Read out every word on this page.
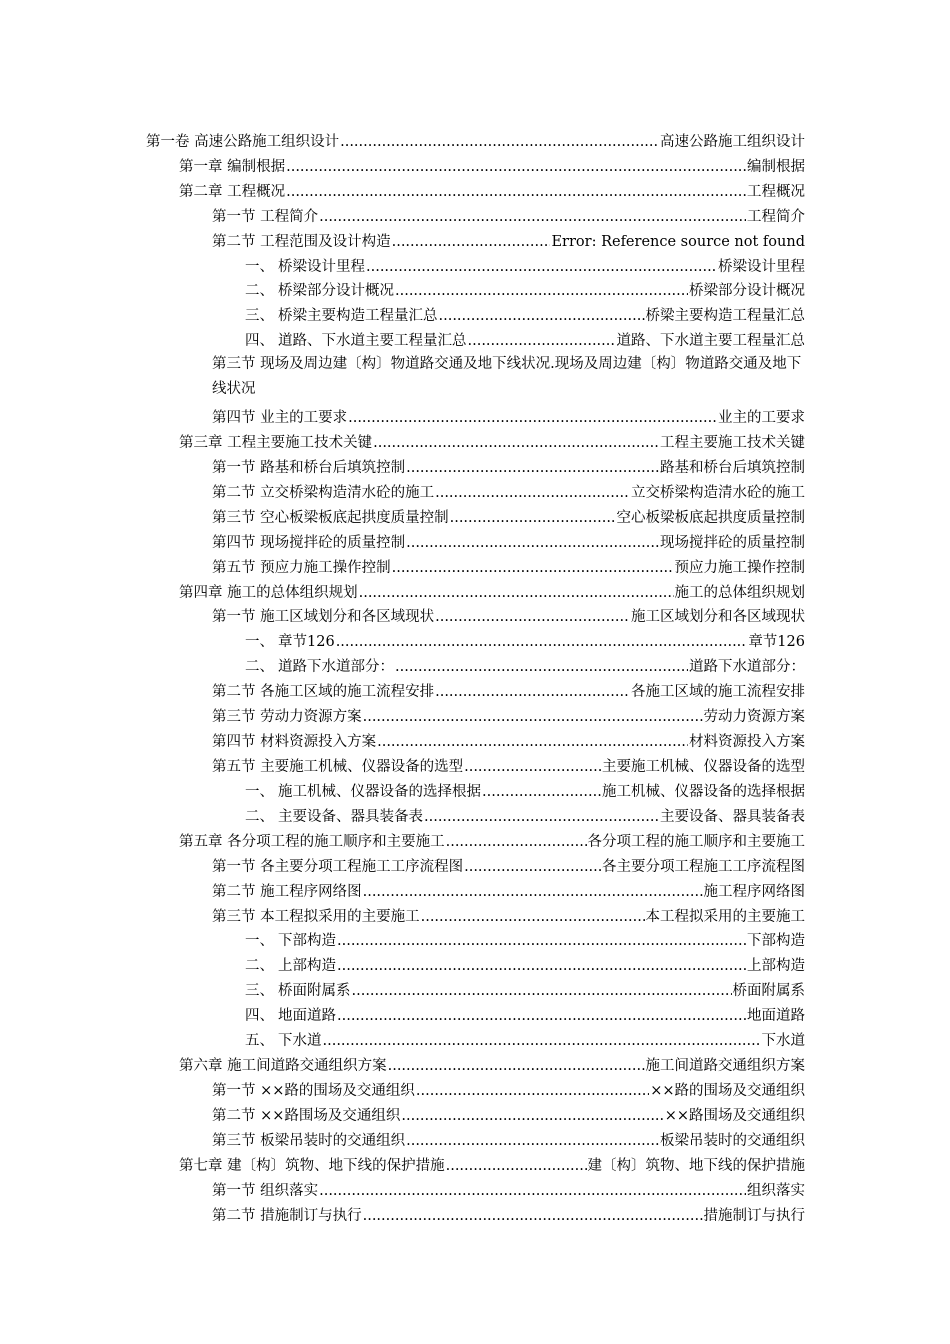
第一卷 高速公路施工组织设计 .....	高速公路施工组织设计
第一章 编制根据 .....	编制根据
第二章 工程概况 .....	工程概况
第一节 工程简介 .....	工程简介
第二节 工程范围及设计构造 .....	Error: Reference source not found
一、 桥梁设计里程 .....	桥梁设计里程
二、 桥梁部分设计概况 .....	桥梁部分设计概况
三、 桥梁主要构造工程量汇总 .....	桥梁主要构造工程量汇总
四、 道路、下水道主要工程量汇总 .....	道路、下水道主要工程量汇总
第三节 现场及周边建〔构〕物道路交通及地下线状况.现场及周边建〔构〕物道路交通及地下线状况
第四节 业主的工要求 .....	业主的工要求
第三章 工程主要施工技术关键 .....	工程主要施工技术关键
第一节 路基和桥台后填筑控制 .....	路基和桥台后填筑控制
第二节 立交桥梁构造清水砼的施工 .....	立交桥梁构造清水砼的施工
第三节 空心板梁板底起拱度质量控制 .....	空心板梁板底起拱度质量控制
第四节 现场搅拌砼的质量控制 .....	现场搅拌砼的质量控制
第五节 预应力施工操作控制 .....	预应力施工操作控制
第四章 施工的总体组织规划 .....	施工的总体组织规划
第一节 施工区域划分和各区域现状 .....	施工区域划分和各区域现状
一、 章节126 .....	章节126
二、 道路下水道部分： .....	道路下水道部分：
第二节 各施工区域的施工流程安排 .....	各施工区域的施工流程安排
第三节 劳动力资源方案 .....	劳动力资源方案
第四节 材料资源投入方案 .....	材料资源投入方案
第五节 主要施工机械、仪器设备的选型 .....	主要施工机械、仪器设备的选型
一、 施工机械、仪器设备的选择根据 .....	施工机械、仪器设备的选择根据
二、 主要设备、器具装备表 .....	主要设备、器具装备表
第五章 各分项工程的施工顺序和主要施工 .....	各分项工程的施工顺序和主要施工
第一节 各主要分项工程施工工序流程图 .....	各主要分项工程施工工序流程图
第二节 施工程序网络图 .....	施工程序网络图
第三节 本工程拟采用的主要施工 .....	本工程拟采用的主要施工
一、 下部构造 .....	下部构造
二、 上部构造 .....	上部构造
三、 桥面附属系 .....	桥面附属系
四、 地面道路 .....	地面道路
五、 下水道 .....	下水道
第六章 施工间道路交通组织方案 .....	施工间道路交通组织方案
第一节 ××路的围场及交通组织 .....	××路的围场及交通组织
第二节 ××路围场及交通组织 .....	××路围场及交通组织
第三节 板梁吊装时的交通组织 .....	板梁吊装时的交通组织
第七章 建〔构〕筑物、地下线的保护措施 .....	建〔构〕筑物、地下线的保护措施
第一节 组织落实 .....	组织落实
第二节 措施制订与执行 .....	措施制订与执行
